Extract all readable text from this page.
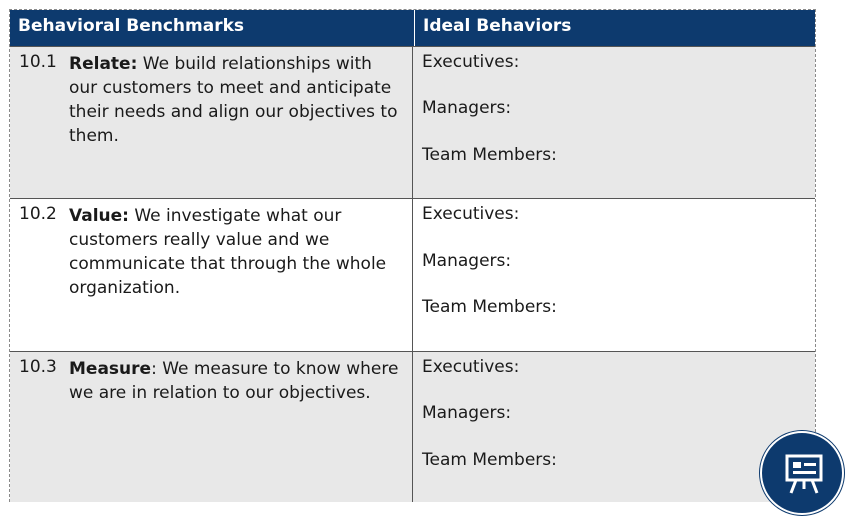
Behavioral Benchmarks	Ideal Behaviors
10.1 Relate: We build relationships with our customers to meet and anticipate their needs and align our objectives to them.
Executives:
Managers:
Team Members:
10.2 Value: We investigate what our customers really value and we communicate that through the whole organization.
Executives:
Managers:
Team Members:
10.3 Measure: We measure to know where we are in relation to our objectives.
Executives:
Managers:
Team Members:
